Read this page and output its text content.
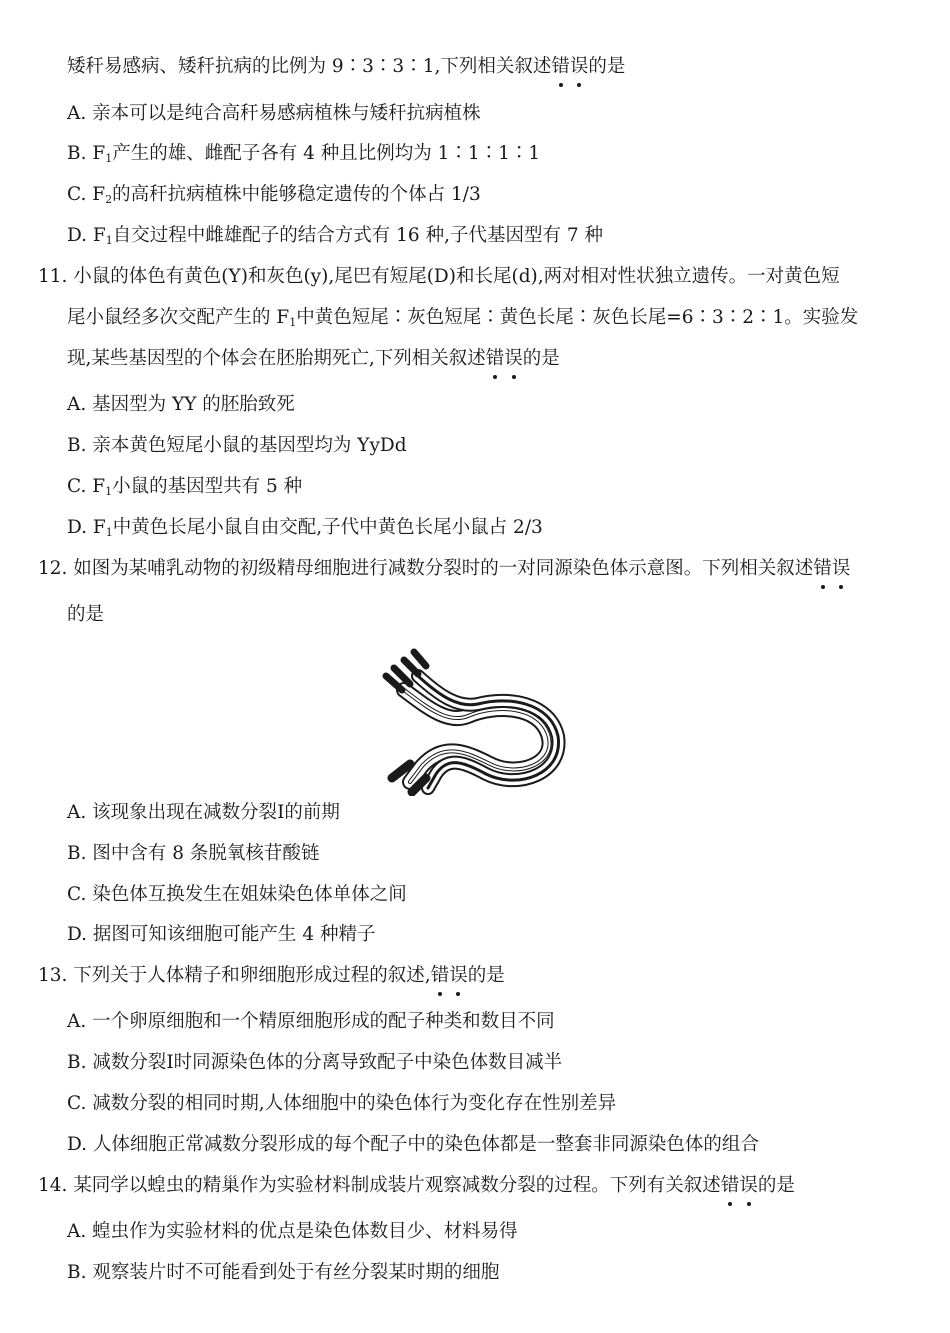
矮秆易感病、矮秆抗病的比例为 9∶3∶3∶1,下列相关叙述错误的是
A. 亲本可以是纯合高秆易感病植株与矮秆抗病植株
B. $F_1$产生的雄、雌配子各有 4 种且比例均为 1∶1∶1∶1
C. $F_2$的高秆抗病植株中能够稳定遗传的个体占 1/3
D. $F_1$自交过程中雌雄配子的结合方式有 16 种,子代基因型有 7 种
11. 小鼠的体色有黄色(Y)和灰色(y),尾巴有短尾(D)和长尾(d),两对相对性状独立遗传。一对黄色短
尾小鼠经多次交配产生的 $F_1$中黄色短尾∶灰色短尾∶黄色长尾∶灰色长尾=6∶3∶2∶1。实验发
现,某些基因型的个体会在胚胎期死亡,下列相关叙述错误的是
A. 基因型为 YY 的胚胎致死
B. 亲本黄色短尾小鼠的基因型均为 YyDd
C. $F_1$小鼠的基因型共有 5 种
D. $F_1$中黄色长尾小鼠自由交配,子代中黄色长尾小鼠占 2/3
12. 如图为某哺乳动物的初级精母细胞进行减数分裂时的一对同源染色体示意图。下列相关叙述错误
的是
A. 该现象出现在减数分裂Ⅰ的前期
B. 图中含有 8 条脱氧核苷酸链
C. 染色体互换发生在姐妹染色体单体之间
D. 据图可知该细胞可能产生 4 种精子
13. 下列关于人体精子和卵细胞形成过程的叙述,错误的是
A. 一个卵原细胞和一个精原细胞形成的配子种类和数目不同
B. 减数分裂Ⅰ时同源染色体的分离导致配子中染色体数目减半
C. 减数分裂的相同时期,人体细胞中的染色体行为变化存在性别差异
D. 人体细胞正常减数分裂形成的每个配子中的染色体都是一整套非同源染色体的组合
14. 某同学以蝗虫的精巢作为实验材料制成装片观察减数分裂的过程。下列有关叙述错误的是
A. 蝗虫作为实验材料的优点是染色体数目少、材料易得
B. 观察装片时不可能看到处于有丝分裂某时期的细胞
